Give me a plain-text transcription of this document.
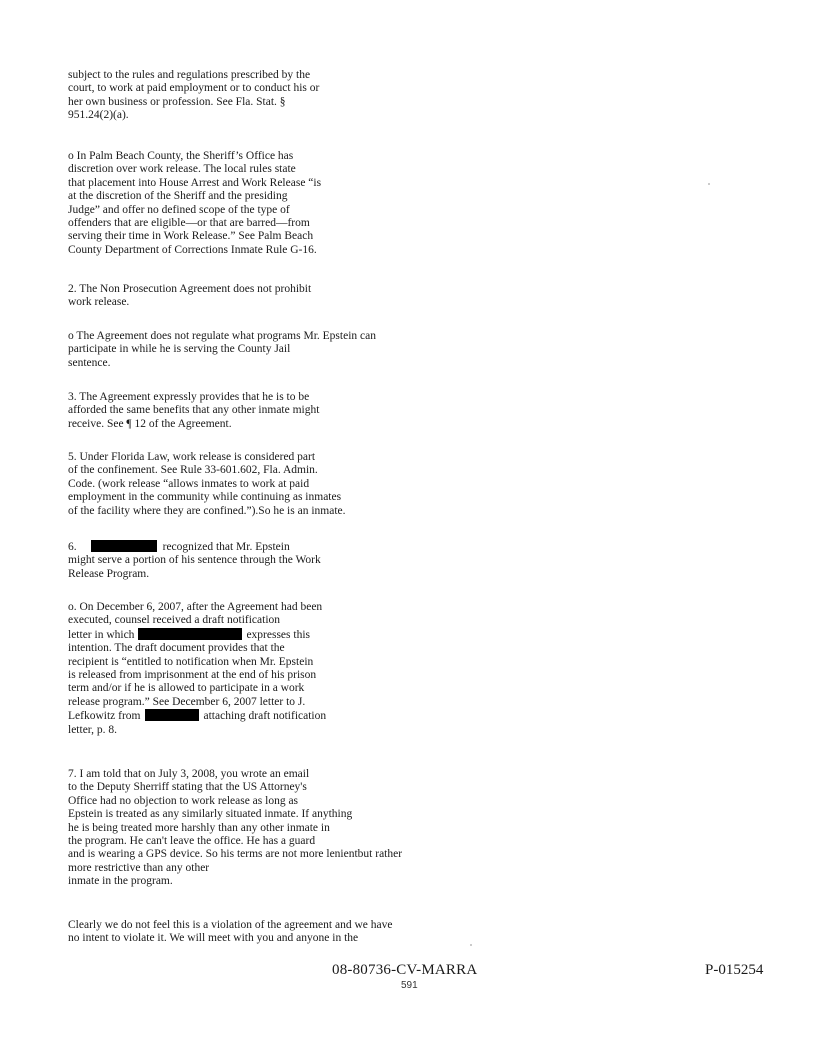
subject to the rules and regulations prescribed by the
court, to work at paid employment or to conduct his or
her own business or profession. See Fla. Stat. §
951.24(2)(a).
o In Palm Beach County, the Sheriff’s Office has
discretion over work release. The local rules state
that placement into House Arrest and Work Release “is
at the discretion of the Sheriff and the presiding
Judge” and offer no defined scope of the type of
offenders that are eligible—or that are barred—from
serving their time in Work Release.” See Palm Beach
County Department of Corrections Inmate Rule G-16.
2. The Non Prosecution Agreement does not prohibit
work release.
o The Agreement does not regulate what programs Mr. Epstein can
participate in while he is serving the County Jail
sentence.
3. The Agreement expressly provides that he is to be
afforded the same benefits that any other inmate might
receive. See ¶ 12 of the Agreement.
5. Under Florida Law, work release is considered part
of the confinement. See Rule 33-601.602, Fla. Admin.
Code. (work release “allows inmates to work at paid
employment in the community while continuing as inmates
of the facility where they are confined.”).So he is an inmate.
6.	recognized that Mr. Epstein
might serve a portion of his sentence through the Work
Release Program.
o. On December 6, 2007, after the Agreement had been
executed, counsel received a draft notification
letter in which	expresses this
intention. The draft document provides that the
recipient is “entitled to notification when Mr. Epstein
is released from imprisonment at the end of his prison
term and/or if he is allowed to participate in a work
release program.” See December 6, 2007 letter to J.
Lefkowitz from	attaching draft notification
letter, p. 8.
7. I am told that on July 3, 2008, you wrote an email
to the Deputy Sherriff stating that the US Attorney's
Office had no objection to work release as long as
Epstein is treated as any similarly situated inmate. If anything
he is being treated more harshly than any other inmate in
the program. He can't leave the office. He has a guard
and is wearing a GPS device. So his terms are not more lenientbut rather
more restrictive than any other
inmate in the program.
Clearly we do not feel this is a violation of the agreement and we have
no intent to violate it. We will meet with you and anyone in the
08-80736-CV-MARRA
591
P-015254
